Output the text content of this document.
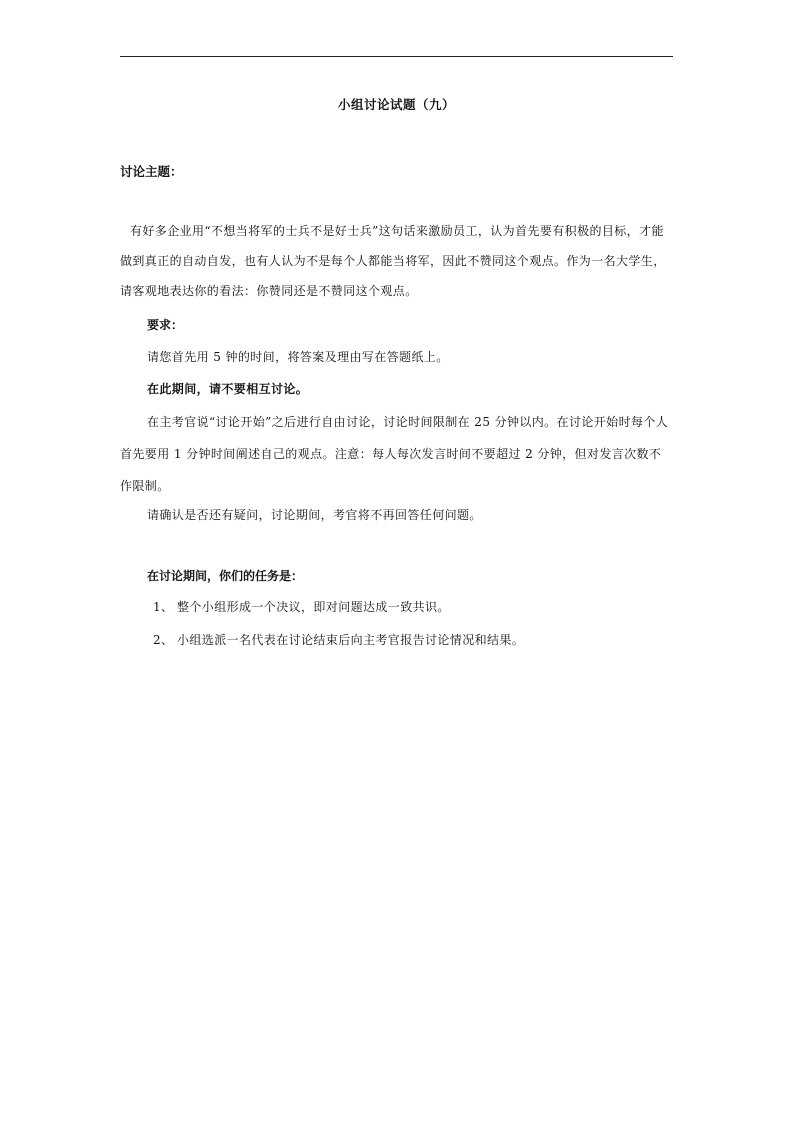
小组讨论试题（九）
讨论主题：
有好多企业用“不想当将军的士兵不是好士兵”这句话来激励员工，认为首先要有积极的目标，才能做到真正的自动自发，也有人认为不是每个人都能当将军，因此不赞同这个观点。作为一名大学生，请客观地表达你的看法：你赞同还是不赞同这个观点。
要求：
请您首先用 5 钟的时间，将答案及理由写在答题纸上。
在此期间，请不要相互讨论。
在主考官说“讨论开始”之后进行自由讨论，讨论时间限制在 25 分钟以内。在讨论开始时每个人首先要用 1 分钟时间阐述自己的观点。注意：每人每次发言时间不要超过 2 分钟，但对发言次数不作限制。
请确认是否还有疑问，讨论期间，考官将不再回答任何问题。
在讨论期间，你们的任务是：
1、 整个小组形成一个决议，即对问题达成一致共识。
2、 小组选派一名代表在讨论结束后向主考官报告讨论情况和结果。
